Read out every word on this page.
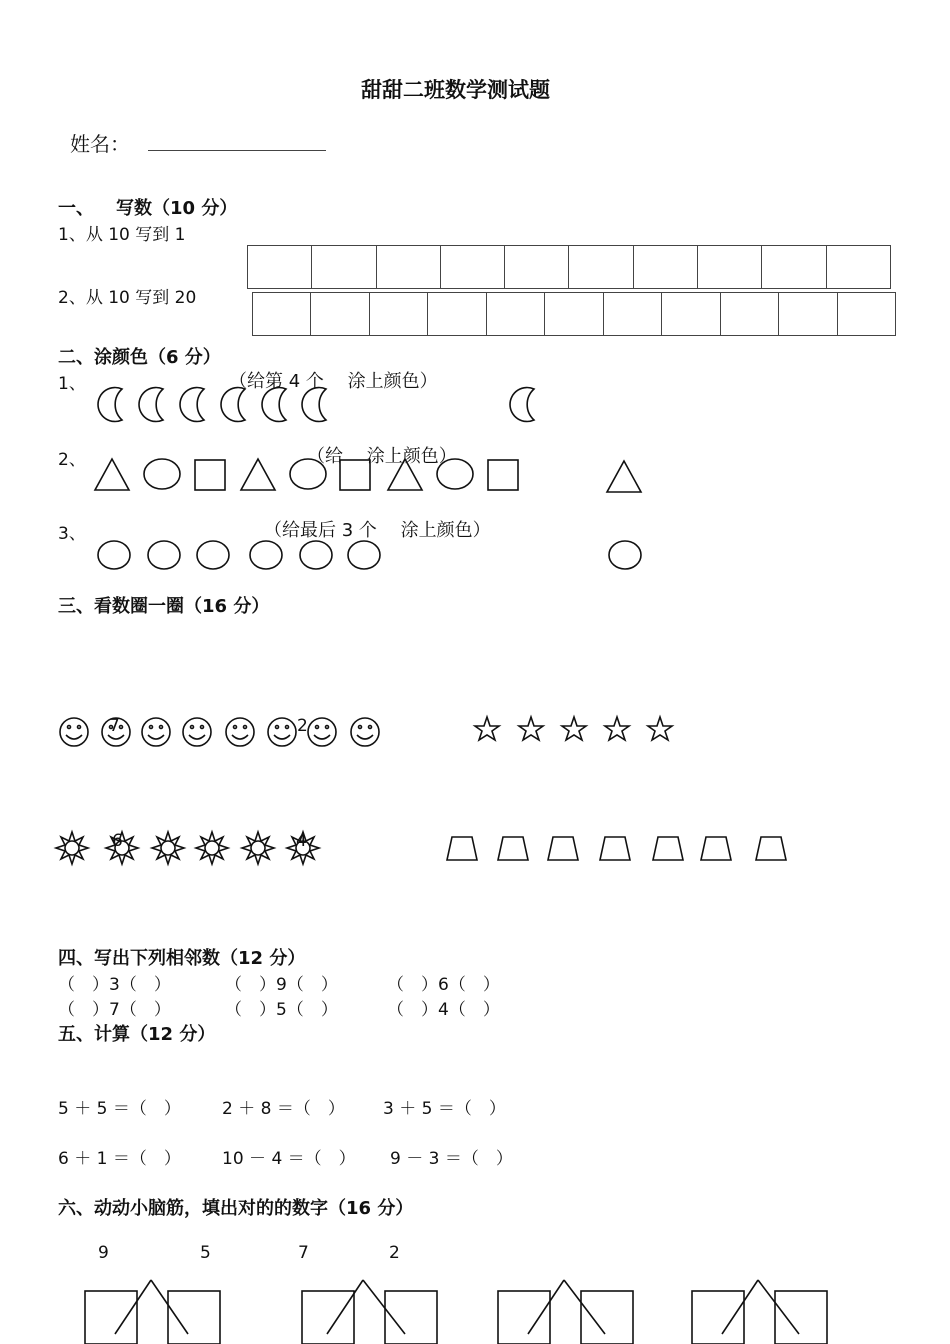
甜甜二班数学测试题
姓名：
一、 写数（10 分）
1、从 10 写到 1
2、从 10 写到 20

二、涂颜色（6 分）
1、	（给第 4 个　 涂上颜色）
2、	（给　 涂上颜色）
3、	（给最后 3 个　 涂上颜色）
三、看数圈一圈（16 分）
7	2
6	4
四、写出下列相邻数（12 分）
（　）3（　）	（　）9（　）	（　）6（　）
（　）7（　）	（　）5（　）	（　）4（　）
五、计算（12 分）
5 ＋ 5 ＝（　） 2 ＋ 8 ＝（　） 3 ＋ 5 ＝（　）
6 ＋ 1 ＝（　） 10 － 4 ＝（　） 9 － 3 ＝（　）
六、动动小脑筋，填出对的的数字（16 分）
9	5	7	2
